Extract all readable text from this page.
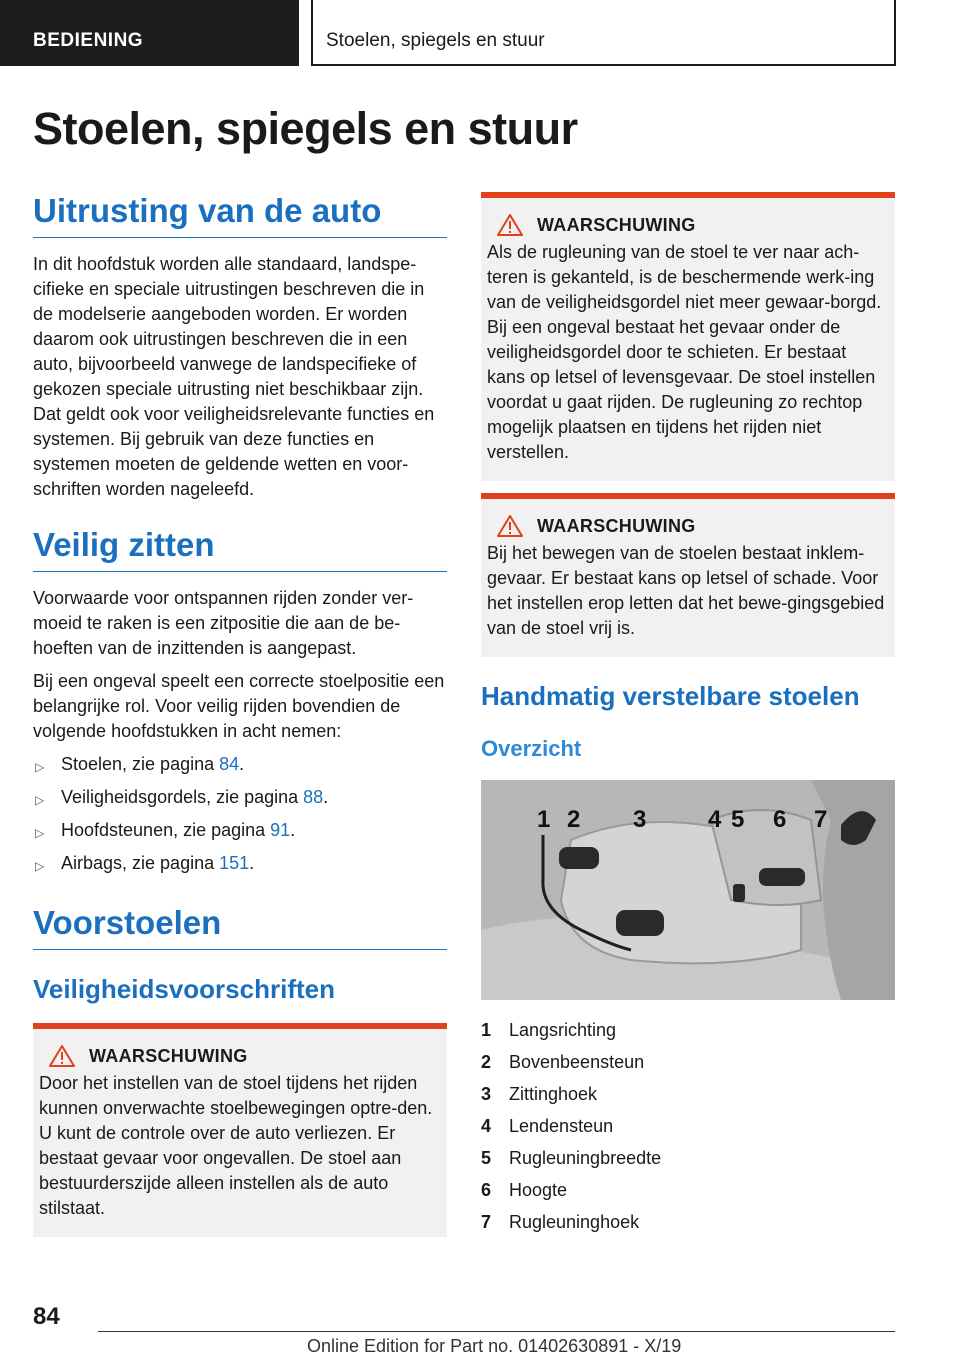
BEDIENING	Stoelen, spiegels en stuur
Stoelen, spiegels en stuur
Uitrusting van de auto

In dit hoofdstuk worden alle standaard, landspe-cifieke en speciale uitrustingen beschreven die in de modelserie aangeboden worden. Er worden daarom ook uitrustingen beschreven die in een auto, bijvoorbeeld vanwege de landspecifieke of gekozen speciale uitrusting niet beschikbaar zijn. Dat geldt ook voor veiligheidsrelevante functies en systemen. Bij gebruik van deze functies en systemen moeten de geldende wetten en voor-schriften worden nageleefd.

Veilig zitten

Voorwaarde voor ontspannen rijden zonder ver-moeid te raken is een zitpositie die aan de be-hoeften van de inzittenden is aangepast.

Bij een ongeval speelt een correcte stoelpositie een belangrijke rol. Voor veilig rijden bovendien de volgende hoofdstukken in acht nemen:

▷ Stoelen, zie pagina 84.
▷ Veiligheidsgordels, zie pagina 88.
▷ Hoofdsteunen, zie pagina 91.
▷ Airbags, zie pagina 151.
Voorstoelen
Veiligheidsvoorschriften
WAARSCHUWING

Door het instellen van de stoel tijdens het rijden kunnen onverwachte stoelbewegingen optre-den. U kunt de controle over de auto verliezen. Er bestaat gevaar voor ongevallen. De stoel aan bestuurderszijde alleen instellen als de auto stilstaat.

WAARSCHUWING

Als de rugleuning van de stoel te ver naar ach-teren is gekanteld, is de beschermende werk-ing van de veiligheidsgordel niet meer gewaar-borgd. Bij een ongeval bestaat het gevaar onder de veiligheidsgordel door te schieten. Er bestaat kans op letsel of levensgevaar. De stoel instellen voordat u gaat rijden. De rugleuning zo rechtop mogelijk plaatsen en tijdens het rijden niet verstellen.

WAARSCHUWING

Bij het bewegen van de stoelen bestaat inklem-gevaar. Er bestaat kans op letsel of schade. Voor het instellen erop letten dat het bewe-gingsgebied van de stoel vrij is.

Handmatig verstelbare stoelen
Overzicht
1 2 3	4 5 6 7
1 Langsrichting
2 Bovenbeensteun
3 Zittinghoek
4 Lendensteun
5 Rugleuningbreedte
6 Hoogte
7 Rugleuninghoek
84
Online Edition for Part no. 01402630891 - X/19
